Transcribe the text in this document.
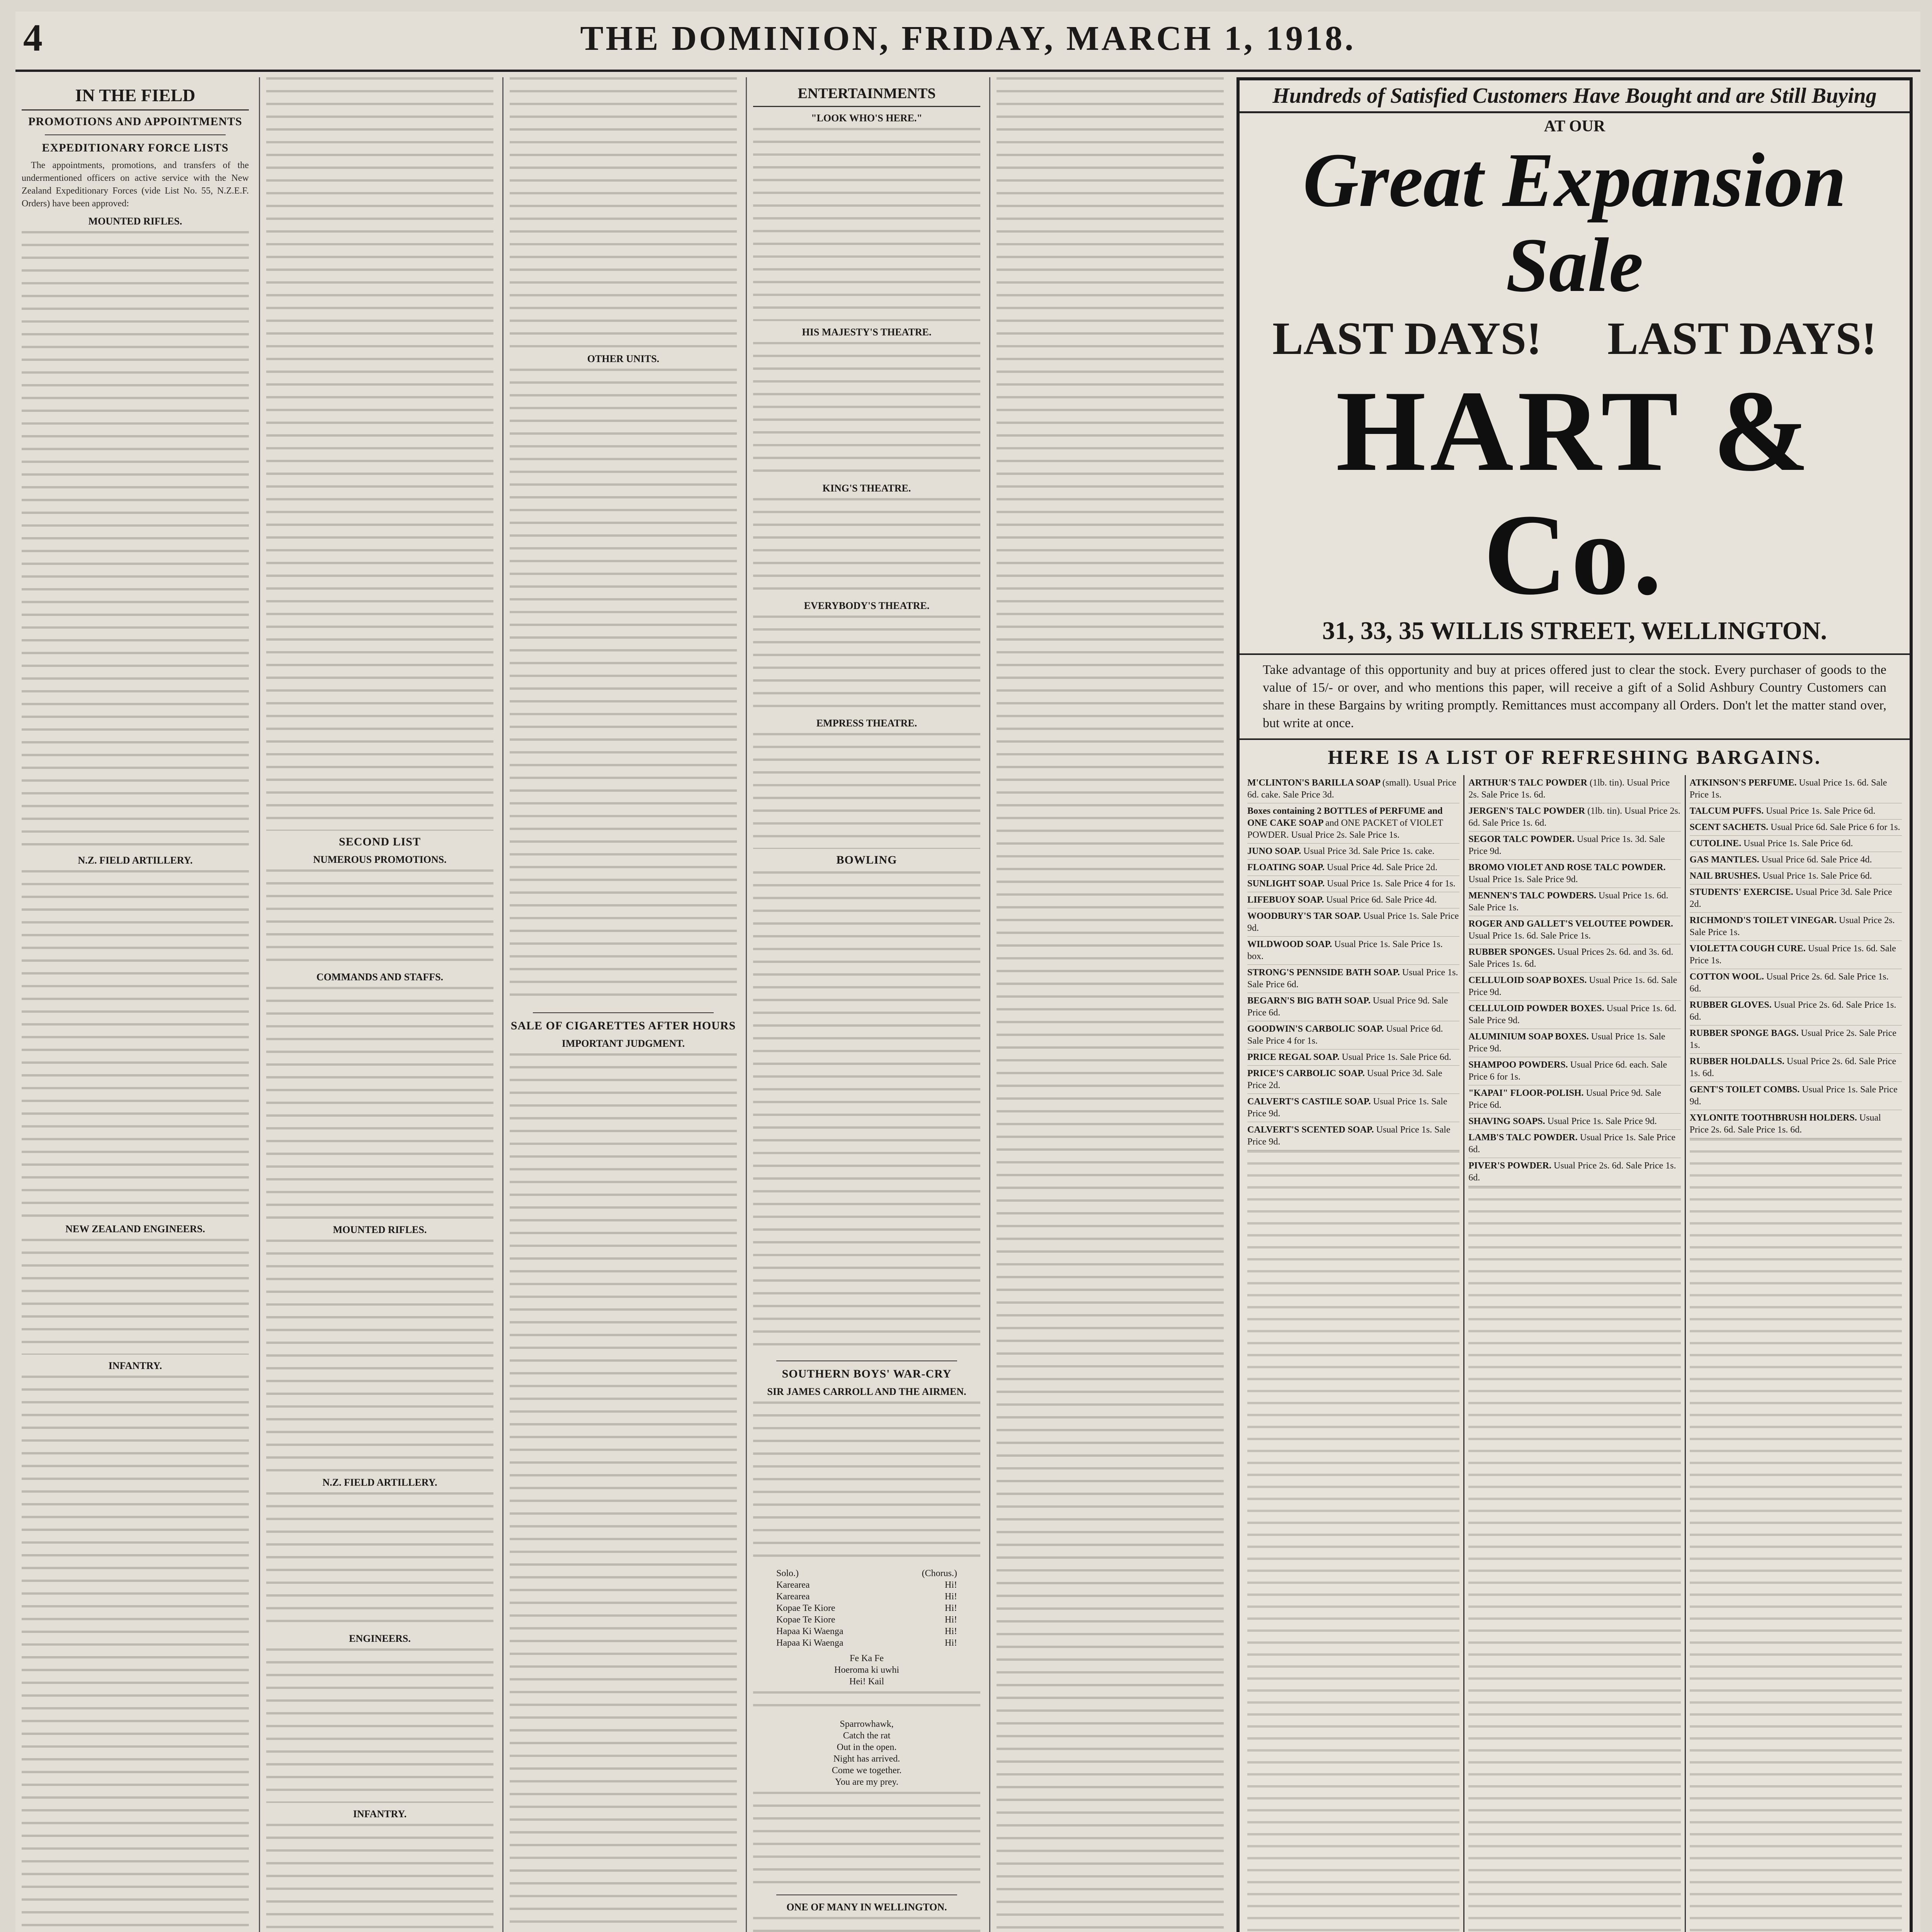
4	THE DOMINION, FRIDAY, MARCH 1, 1918.
IN THE FIELD
PROMOTIONS AND APPOINTMENTS
EXPEDITIONARY FORCE LISTS

The appointments, promotions, and transfers of the undermentioned officers on active service with the New Zealand Expeditionary Forces (vide List No. 55, N.Z.E.F. Orders) have been approved:

MOUNTED RIFLES.
N.Z. FIELD ARTILLERY.
NEW ZEALAND ENGINEERS.
INFANTRY.
SECOND LIST
NUMEROUS PROMOTIONS.
COMMANDS AND STAFFS.
MOUNTED RIFLES.
N.Z. FIELD ARTILLERY.
ENGINEERS.
INFANTRY.
OTHER UNITS.
SALE OF CIGARETTES AFTER HOURS
IMPORTANT JUDGMENT.
ENTERTAINMENTS
"LOOK WHO'S HERE."
HIS MAJESTY'S THEATRE.
KING'S THEATRE.
EVERYBODY'S THEATRE.
EMPRESS THEATRE.
BOWLING
SOUTHERN BOYS' WAR-CRY
SIR JAMES CARROLL AND THE AIRMEN.
Solo.)	(Chorus.)
Karearea	Hi!
Karearea	Hi!
Kopae Te Kiore	Hi!
Kopae Te Kiore	Hi!
Hapaa Ki Waenga	Hi!
Hapaa Ki Waenga	Hi!
Fe Ka Fe
Hoeroma ki uwhi
Hei! Kail
Sparrowhawk,
Catch the rat
Out in the open.
Night has arrived.
Come we together.
You are my prey.
ONE OF MANY IN WELLINGTON.
Hundreds of Satisfied Customers Have Bought and are Still Buying
AT OUR
Great Expansion Sale
LAST DAYS! LAST DAYS!
HART & Co.
31, 33, 35 WILLIS STREET, WELLINGTON.
Take advantage of this opportunity and buy at prices offered just to clear the stock. Every purchaser of goods to the value of 15/- or over, and who mentions this paper, will receive a gift of a Solid Ashbury Country Customers can share in these Bargains by writing promptly. Remittances must accompany all Orders. Don't let the matter stand over, but write at once.
HERE IS A LIST OF REFRESHING BARGAINS.
M'CLINTON'S BARILLA SOAP (small). Usual Price 6d. cake. Sale Price 3d.
Boxes containing 2 BOTTLES of PERFUME and ONE CAKE SOAP and ONE PACKET of VIOLET POWDER. Usual Price 2s. Sale Price 1s.
JUNO SOAP. Usual Price 3d. Sale Price 1s. cake.
FLOATING SOAP. Usual Price 4d. Sale Price 2d.
SUNLIGHT SOAP. Usual Price 1s. Sale Price 4 for 1s.
LIFEBUOY SOAP. Usual Price 6d. Sale Price 4d.
WOODBURY'S TAR SOAP. Usual Price 1s. Sale Price 9d.
WILDWOOD SOAP. Usual Price 1s. Sale Price 1s. box.
STRONG'S PENNSIDE BATH SOAP. Usual Price 1s. Sale Price 6d.
BEGARN'S BIG BATH SOAP. Usual Price 9d. Sale Price 6d.
GOODWIN'S CARBOLIC SOAP. Usual Price 6d. Sale Price 4 for 1s.
PRICE REGAL SOAP. Usual Price 1s. Sale Price 6d.
PRICE'S CARBOLIC SOAP. Usual Price 3d. Sale Price 2d.
CALVERT'S CASTILE SOAP. Usual Price 1s. Sale Price 9d.
CALVERT'S SCENTED SOAP. Usual Price 1s. Sale Price 9d.
ARTHUR'S TALC POWDER (1lb. tin). Usual Price 2s. Sale Price 1s. 6d.
JERGEN'S TALC POWDER (1lb. tin). Usual Price 2s. 6d. Sale Price 1s. 6d.
SEGOR TALC POWDER. Usual Price 1s. 3d. Sale Price 9d.
BROMO VIOLET AND ROSE TALC POWDER. Usual Price 1s. Sale Price 9d.
MENNEN'S TALC POWDERS. Usual Price 1s. 6d. Sale Price 1s.
ROGER AND GALLET'S VELOUTEE POWDER. Usual Price 1s. 6d. Sale Price 1s.
RUBBER SPONGES. Usual Prices 2s. 6d. and 3s. 6d. Sale Prices 1s. 6d.
CELLULOID SOAP BOXES. Usual Price 1s. 6d. Sale Price 9d.
CELLULOID POWDER BOXES. Usual Price 1s. 6d. Sale Price 9d.
ALUMINIUM SOAP BOXES. Usual Price 1s. Sale Price 9d.
SHAMPOO POWDERS. Usual Price 6d. each. Sale Price 6 for 1s.
"KAPAI" FLOOR-POLISH. Usual Price 9d. Sale Price 6d.
SHAVING SOAPS. Usual Price 1s. Sale Price 9d.
LAMB'S TALC POWDER. Usual Price 1s. Sale Price 6d.
PIVER'S POWDER. Usual Price 2s. 6d. Sale Price 1s. 6d.
ATKINSON'S PERFUME. Usual Price 1s. 6d. Sale Price 1s.
TALCUM PUFFS. Usual Price 1s. Sale Price 6d.
SCENT SACHETS. Usual Price 6d. Sale Price 6 for 1s.
CUTOLINE. Usual Price 1s. Sale Price 6d.
GAS MANTLES. Usual Price 6d. Sale Price 4d.
NAIL BRUSHES. Usual Price 1s. Sale Price 6d.
STUDENTS' EXERCISE. Usual Price 3d. Sale Price 2d.
RICHMOND'S TOILET VINEGAR. Usual Price 2s. Sale Price 1s.
VIOLETTA COUGH CURE. Usual Price 1s. 6d. Sale Price 1s.
COTTON WOOL. Usual Price 2s. 6d. Sale Price 1s. 6d.
RUBBER GLOVES. Usual Price 2s. 6d. Sale Price 1s. 6d.
RUBBER SPONGE BAGS. Usual Price 2s. Sale Price 1s.
RUBBER HOLDALLS. Usual Price 2s. 6d. Sale Price 1s. 6d.
GENT'S TOILET COMBS. Usual Price 1s. Sale Price 9d.
XYLONITE TOOTHBRUSH HOLDERS. Usual Price 2s. 6d. Sale Price 1s. 6d.
